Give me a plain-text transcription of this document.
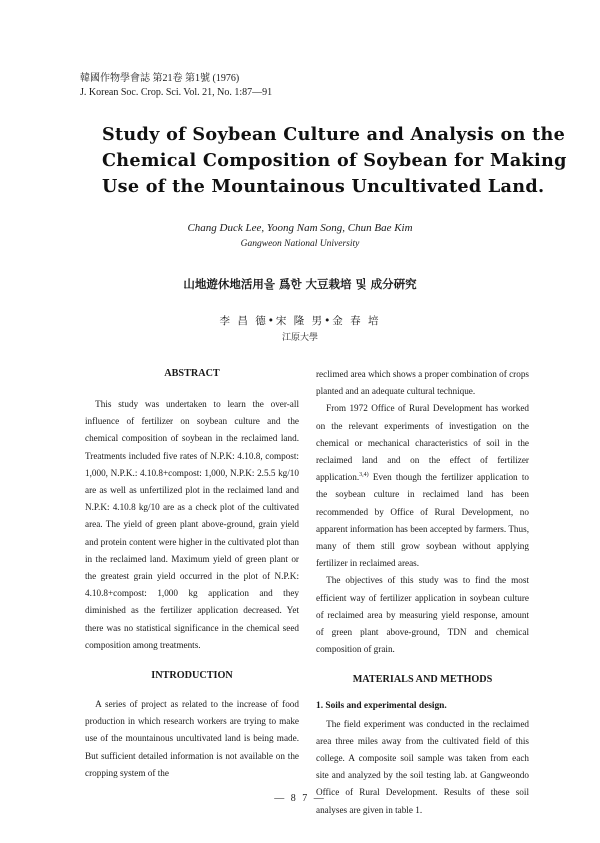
韓國作物學會誌 第21卷 第1號 (1976)
J. Korean Soc. Crop. Sci. Vol. 21, No. 1:87—91
Study of Soybean Culture and Analysis on the
Chemical Composition of Soybean for Making
Use of the Mountainous Uncultivated Land.
Chang Duck Lee, Yoong Nam Song, Chun Bae Kim
Gangweon National University
山地遊休地活用을 爲한 大豆栽培 및 成分硏究
李 昌 德•宋 隆 男•金 春 培
江原大學
ABSTRACT

This study was undertaken to learn the over-all influence of fertilizer on soybean culture and the chemical composition of soybean in the reclaimed land. Treatments included five rates of N.P.K: 4.10.8, compost: 1,000, N.P.K.: 4.10.8+compost: 1,000, N.P.K: 2.5.5 kg/10 are as well as unfertilized plot in the reclaimed land and N.P.K: 4.10.8 kg/10 are as a check plot of the cultivated area. The yield of green plant above-ground, grain yield and protein content were higher in the cultivated plot than in the reclaimed land. Maximum yield of green plant or the greatest grain yield occurred in the plot of N.P.K: 4.10.8+compost: 1,000 kg application and they diminished as the fertilizer application decreased. Yet there was no statistical significance in the chemical seed composition among treatments.

INTRODUCTION

A series of project as related to the increase of food production in which research workers are trying to make use of the mountainous uncultivated land is being made. But sufficient detailed information is not available on the cropping system of the

reclimed area which shows a proper combination of crops planted and an adequate cultural technique.

From 1972 Office of Rural Development has worked on the relevant experiments of investigation on the chemical or mechanical characteristics of soil in the reclaimed land and on the effect of fertilizer application.$^{3,4)}$ Even though the fertilizer application to the soybean culture in reclaimed land has been recommended by Office of Rural Development, no apparent information has been accepted by farmers. Thus, many of them still grow soybean without applying fertilizer in reclaimed areas.

The objectives of this study was to find the most efficient way of fertilizer application in soybean culture of reclaimed area by measuring yield response, amount of green plant above-ground, TDN and chemical composition of grain.

MATERIALS AND METHODS

1. Soils and experimental design.

The field experiment was conducted in the reclaimed area three miles away from the cultivated field of this college. A composite soil sample was taken from each site and analyzed by the soil testing lab. at Gangweondo Office of Rural Development. Results of these soil analyses are given in table 1.

— 8 7 —
